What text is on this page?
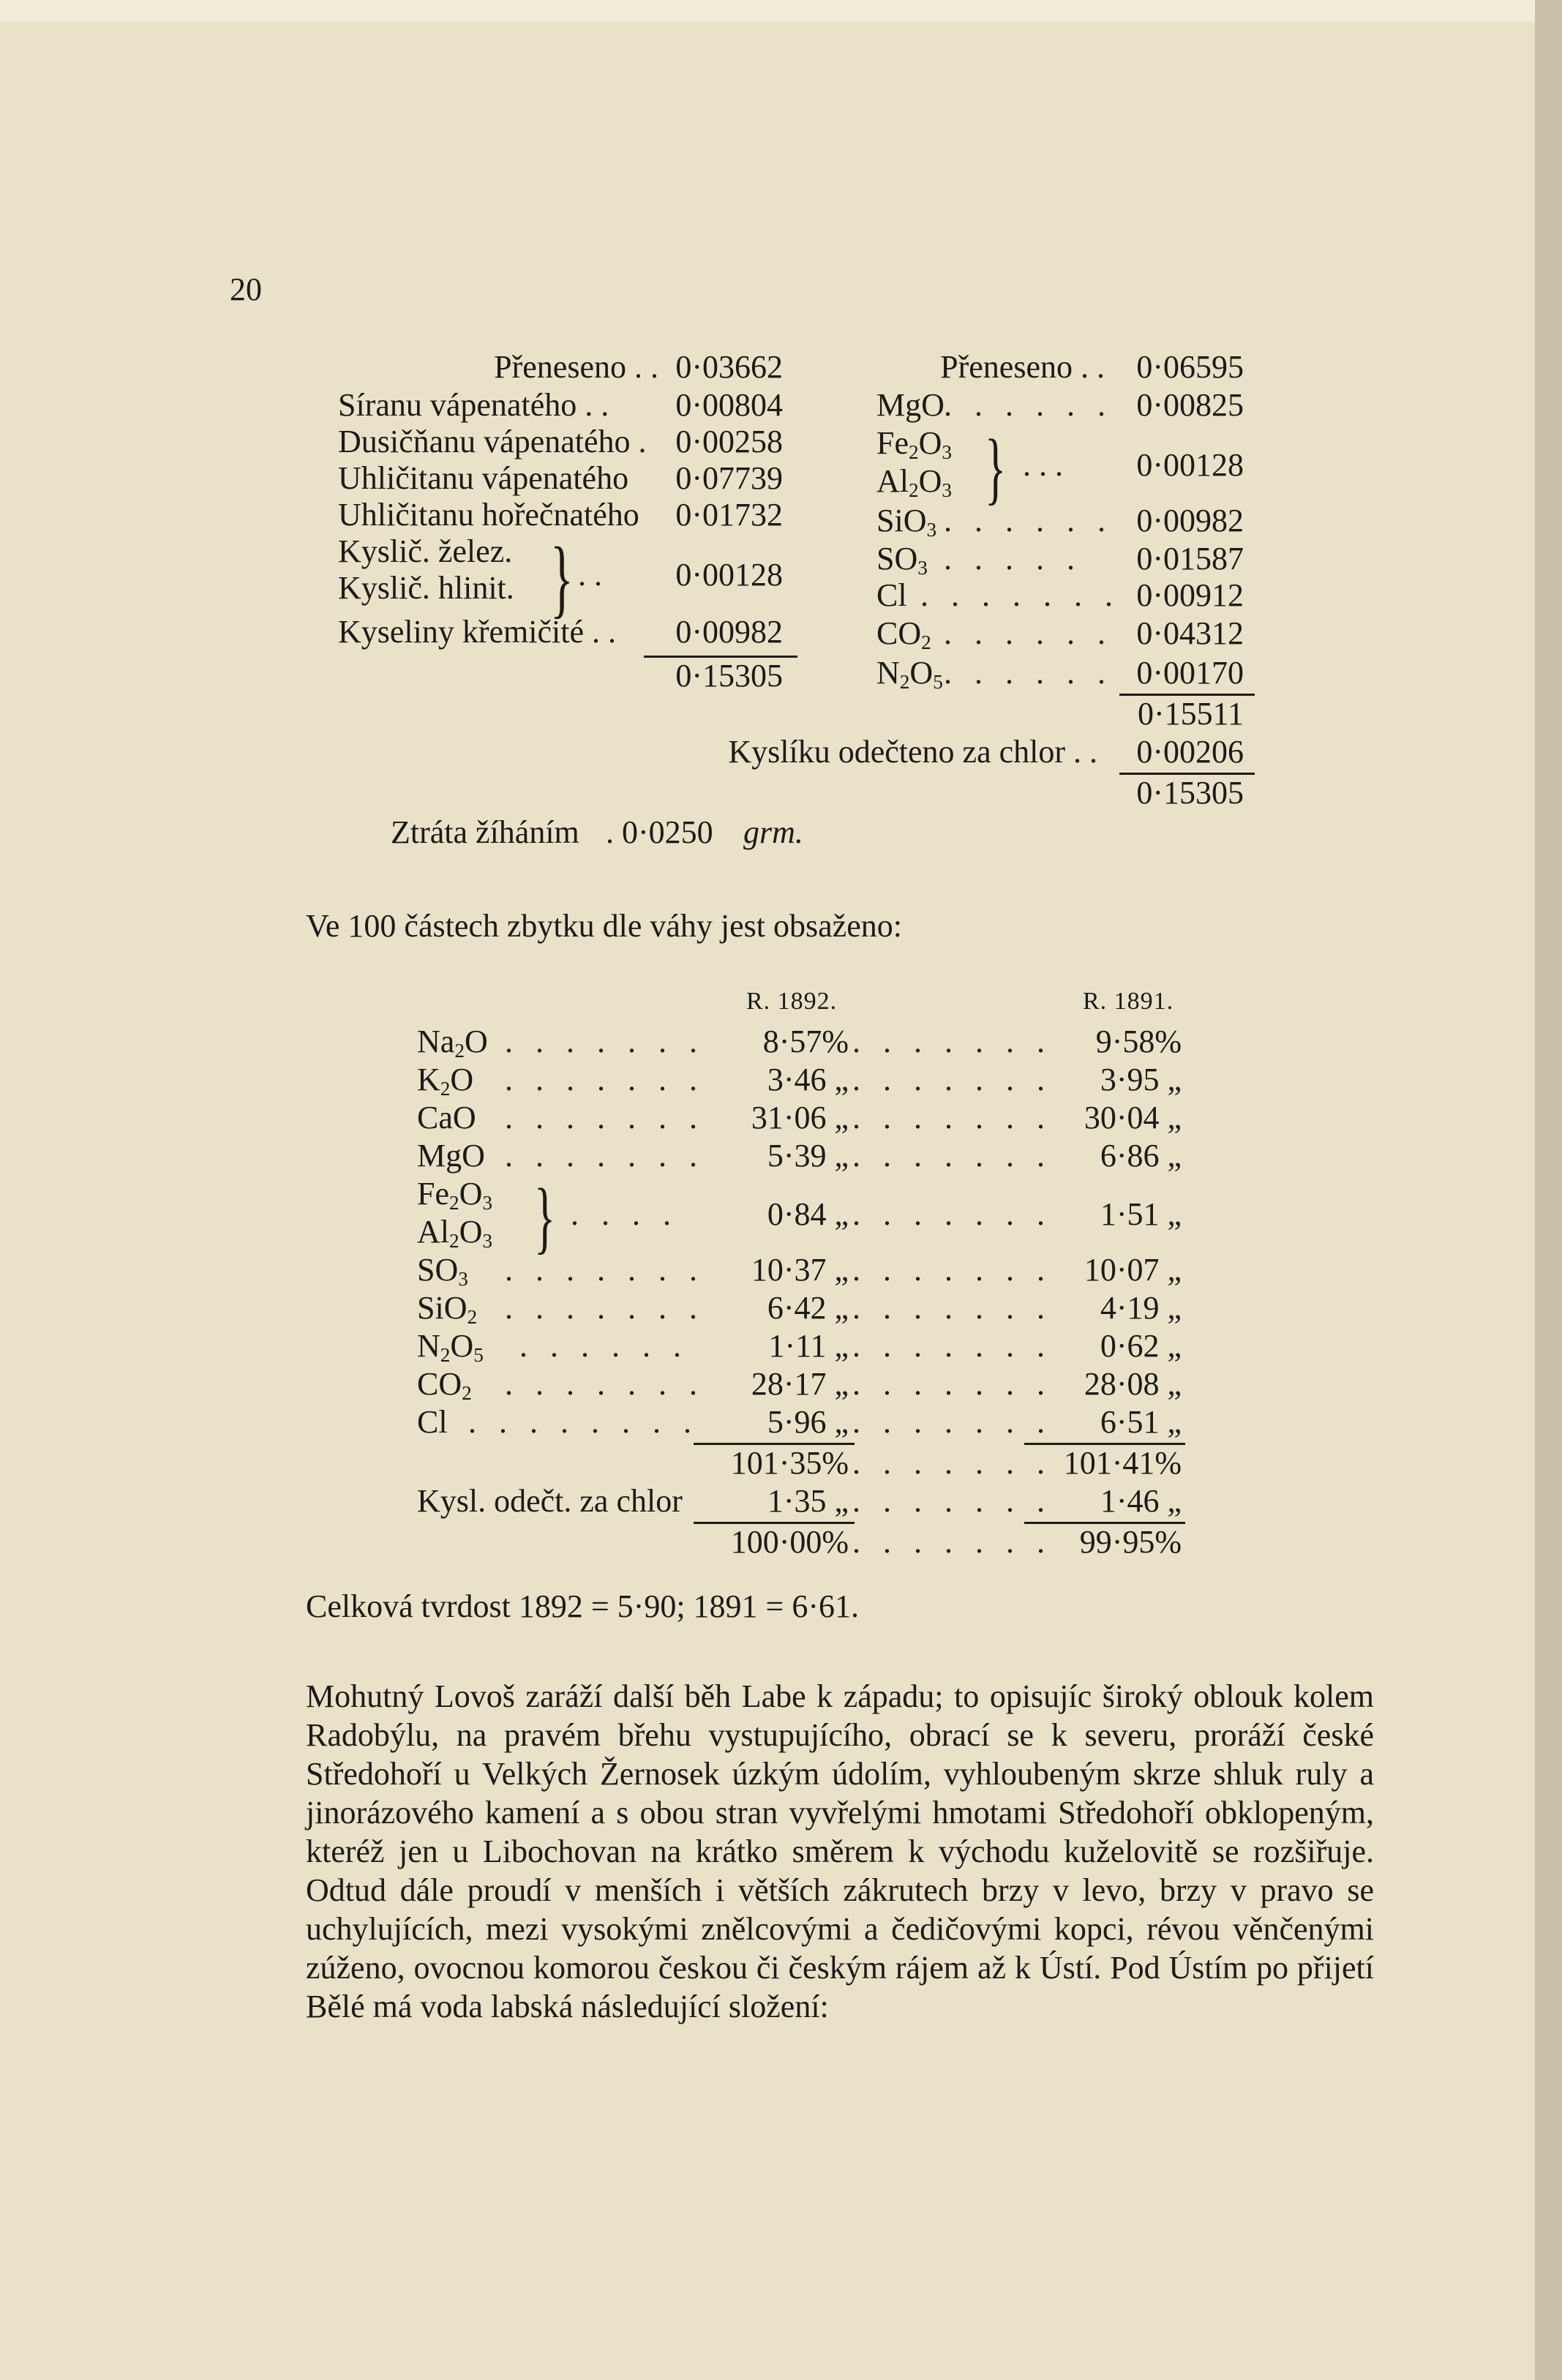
20
Přeneseno . . 0·03662
Síranu vápenatého . .	0·00804
Dusičňanu vápenatého . 0·00258
Uhličitanu vápenatého	0·07739
Uhličitanu hořečnatého	0·01732
Kyslič. želez.
Kyslič. hlinit. } . .	0·00128
Kyseliny křemičité . .	0·00982
0·15305
Ztráta žíháním . 0·0250 grm.
Přeneseno . . 0·06595
MgO . . . . . . 0·00825
$Fe_2O_3$
$Al_2O_3$ } . . .	0·00128
SiO$_3$ . . . . . . 0·00982
$SO_3$ . . . . .	0·01587
Cl . . . . . . . 0·00912
$CO_2$ . . . . . . 0·04312
$N_2O_5$ . . . . . . 0·00170
0·15511
Kyslíku odečteno za chlor . .	0·00206
0·15305
Ve 100 částech zbytku dle váhy jest obsaženo:
R. 1892.	R. 1891.
$Na_2O$ . . . . . . .	8·57% . . . . . . .	9·58%
$K_2O$ . . . . . . .	3·46 „ . . . . . . .	3·95 „
CaO . . . . . . .	31·06 „ . . . . . . . 30·04 „
MgO . . . . . . .	5·39 „ . . . . . . .	6·86 „
$Fe_2O_3$
$Al_2O_3$ } . . . .	0·84 „ . . . . . . .	1·51 „
$SO_3$ . . . . . . .	10·37 „ . . . . . . . 10·07 „
SiO$_2$ . . . . . . .	6·42 „ . . . . . . .	4·19 „
$N_2O_5$ . . . . . .	1·11 „ . . . . . . .	0·62 „
$CO_2$ . . . . . . .	28·17 „ . . . . . . . 28·08 „
Cl . . . . . . . .	5·96 „ . . . . . . .	6·51 „
101·35% . . . . . . . 101·41%
Kysl. odečt. za chlor	1·35 „ . . . . . . .	1·46 „
100·00% . . . . . . . 99·95%
Celková tvrdost 1892 = 5·90; 1891 = 6·61.
Mohutný Lovoš zaráží další běh Labe k západu; to opisujíc široký oblouk kolem Radobýlu, na pravém břehu vystupujícího, obrací se k severu, proráží české Středohoří u Velkých Žernosek úzkým údolím, vyhloubeným skrze shluk ruly a jinorázového kamení a s obou stran vyvřelými hmotami Středohoří obklopeným, kteréž jen u Libochovan na krátko směrem k východu kuželovitě se rozšiřuje. Odtud dále proudí v menších i větších zákrutech brzy v levo, brzy v pravo se uchylujících, mezi vysokými znělcovými a čedičovými kopci, révou věnčenými zúženo, ovocnou komorou českou či českým rájem až k Ústí. Pod Ústím po přijetí Bělé má voda labská následující složení:
